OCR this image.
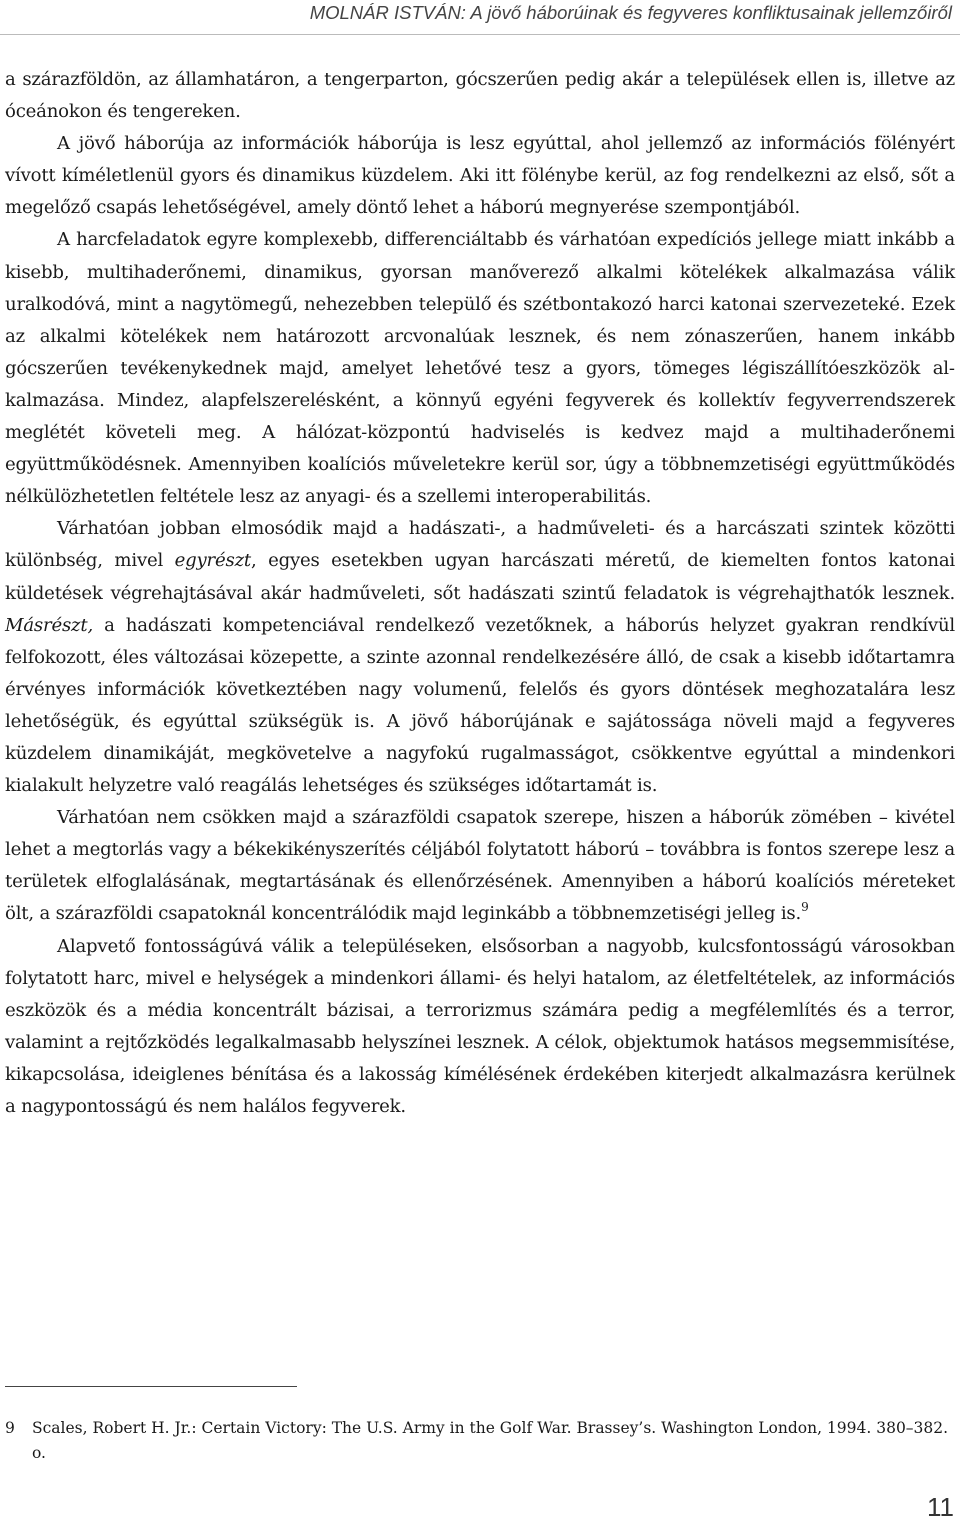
MOLNÁR ISTVÁN: A jövő háborúinak és fegyveres konfliktusainak jellemzőiről

a szárazföldön, az államhatáron, a tengerparton, gócszerűen pedig akár a települések ellen is, illetve az óceánokon és tengereken.

A jövő háborúja az információk háborúja is lesz egyúttal, ahol jellemző az információs fölényért vívott kíméletlenül gyors és dinamikus küzdelem. Aki itt fölénybe kerül, az fog rendelkezni az első, sőt a megelőző csapás lehetőségével, amely döntő lehet a háború megnyerése szempontjából.

A harcfeladatok egyre komplexebb, differenciáltabb és várhatóan expedíciós jellege miatt inkább a kisebb, multihaderőnemi, dinamikus, gyorsan manőverező alkalmi kötelékek alkalmazása válik uralkodóvá, mint a nagytömegű, nehezebben települő és szétbontakozó harci katonai szervezeteké. Ezek az alkalmi kötelékek nem határozott arcvonalúak lesznek, és nem zónaszerűen, hanem inkább gócszerűen tevékenykednek majd, amelyet lehetővé tesz a gyors, tömeges légiszállítóeszközök alkalmazása. Mindez, alapfelszerelésként, a könnyű egyéni fegyverek és kollektív fegyverrendszerek meglétét követeli meg. A hálózat-központú hadviselés is kedvez majd a multihaderőnemi együttműködésnek. Amennyiben koalíciós műveletekre kerül sor, úgy a többnemzetiségi együttműködés nélkülözhetetlen feltétele lesz az anyagi- és a szellemi interoperabilitás.

Várhatóan jobban elmosódik majd a hadászati-, a hadműveleti- és a harcászati szintek közötti különbség, mivel egyrészt, egyes esetekben ugyan harcászati méretű, de kiemelten fontos katonai küldetések végrehajtásával akár hadműveleti, sőt hadászati szintű feladatok is végrehajthatók lesznek. Másrészt, a hadászati kompetenciával rendelkező vezetőknek, a háborús helyzet gyakran rendkívül felfokozott, éles változásai közepette, a szinte azonnal rendelkezésére álló, de csak a kisebb időtartamra érvényes információk következtében nagy volumenű, felelős és gyors döntések meghozatalára lesz lehetőségük, és egyúttal szükségük is. A jövő háborújának e sajátossága növeli majd a fegyveres küzdelem dinamikáját, megkövetelve a nagyfokú rugalmasságot, csökkentve egyúttal a mindenkori kialakult helyzetre való reagálás lehetséges és szükséges időtartamát is.

Várhatóan nem csökken majd a szárazföldi csapatok szerepe, hiszen a háborúk zömében – kivétel lehet a megtorlás vagy a békekikényszerítés céljából folytatott háború – továbbra is fontos szerepe lesz a területek elfoglalásának, megtartásának és ellenőrzésének. Amennyiben a háború koalíciós méreteket ölt, a szárazföldi csapatoknál koncentrálódik majd leginkább a többnemzetiségi jelleg is.$^9$

Alapvető fontosságúvá válik a településeken, elsősorban a nagyobb, kulcsfontosságú városokban folytatott harc, mivel e helységek a mindenkori állami- és helyi hatalom, az életfeltételek, az információs eszközök és a média koncentrált bázisai, a terrorizmus számára pedig a megfélemlítés és a terror, valamint a rejtőzködés legalkalmasabb helyszínei lesznek. A célok, objektumok hatásos megsemmisítése, kikapcsolása, ideiglenes bénítása és a lakosság kímélésének érdekében kiterjedt alkalmazásra kerülnek a nagypontosságú és nem halálos fegyverek.

9 Scales, Robert H. Jr.: Certain Victory: The U.S. Army in the Golf War. Brassey’s. Washington London, 1994. 380–382. o.
11
